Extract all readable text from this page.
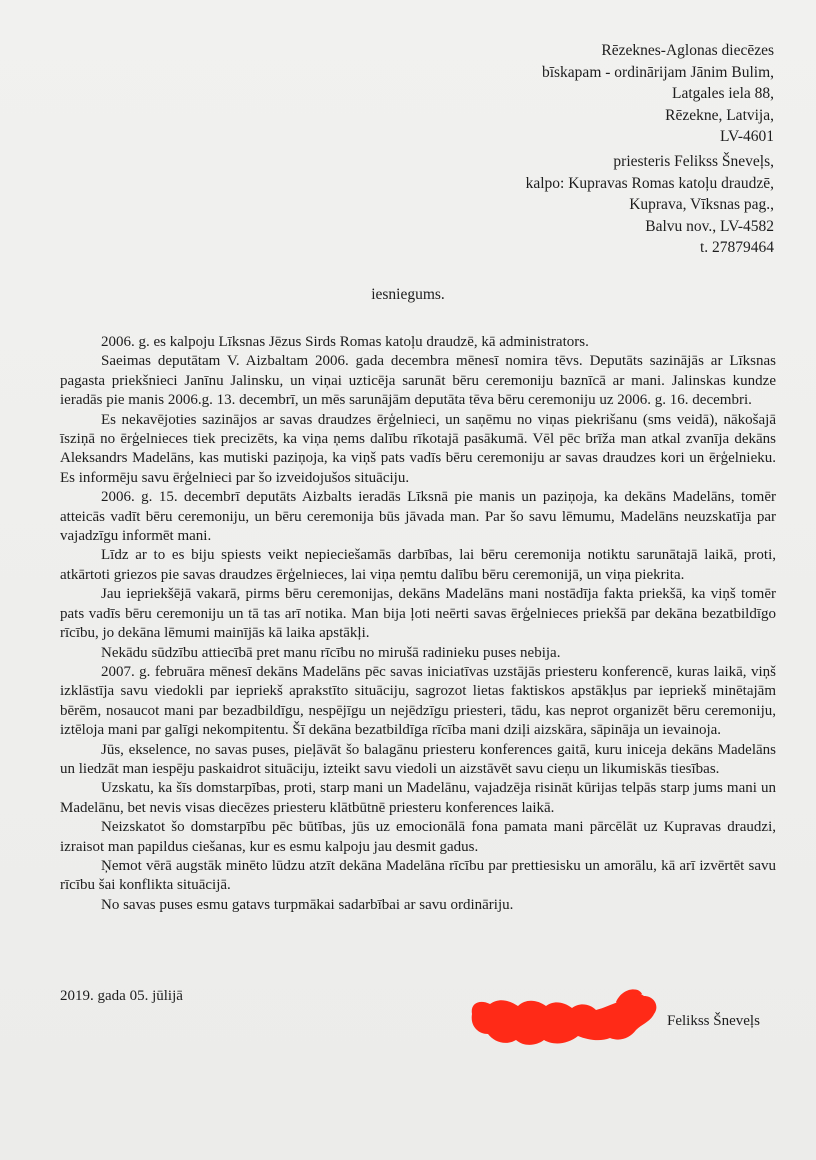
Rēzeknes-Aglonas diecēzes
bīskapam - ordinārijam Jānim Bulim,
Latgales iela 88,
Rēzekne, Latvija,
LV-4601
priesteris Felikss Šneveļs,
kalpo: Kupravas Romas katoļu draudzē,
Kuprava, Vīksnas pag.,
Balvu nov., LV-4582
t. 27879464
iesniegums.

2006. g. es kalpoju Līksnas Jēzus Sirds Romas katoļu draudzē, kā administrators.

Saeimas deputātam V. Aizbaltam 2006. gada decembra mēnesī nomira tēvs. Deputāts sazinājās ar Līksnas pagasta priekšnieci Janīnu Jalinsku, un viņai uzticēja sarunāt bēru ceremoniju baznīcā ar mani. Jalinskas kundze ieradās pie manis 2006.g. 13. decembrī, un mēs sarunājām deputāta tēva bēru ceremoniju uz 2006. g. 16. decembri.

Es nekavējoties sazinājos ar savas draudzes ērģelnieci, un saņēmu no viņas piekrišanu (sms veidā), nākošajā īsziņā no ērģelnieces tiek precizēts, ka viņa ņems dalību rīkotajā pasākumā. Vēl pēc brīža man atkal zvanīja dekāns Aleksandrs Madelāns, kas mutiski paziņoja, ka viņš pats vadīs bēru ceremoniju ar savas draudzes kori un ērģelnieku. Es informēju savu ērģelnieci par šo izveidojušos situāciju.

2006. g. 15. decembrī deputāts Aizbalts ieradās Līksnā pie manis un paziņoja, ka dekāns Madelāns, tomēr atteicās vadīt bēru ceremoniju, un bēru ceremonija būs jāvada man. Par šo savu lēmumu, Madelāns neuzskatīja par vajadzīgu informēt mani.

Līdz ar to es biju spiests veikt nepieciešamās darbības, lai bēru ceremonija notiktu sarunātajā laikā, proti, atkārtoti griezos pie savas draudzes ērģelnieces, lai viņa ņemtu dalību bēru ceremonijā, un viņa piekrita.

Jau iepriekšējā vakarā, pirms bēru ceremonijas, dekāns Madelāns mani nostādīja fakta priekšā, ka viņš tomēr pats vadīs bēru ceremoniju un tā tas arī notika. Man bija ļoti neērti savas ērģelnieces priekšā par dekāna bezatbildīgo rīcību, jo dekāna lēmumi mainījās kā laika apstākļi.

Nekādu sūdzību attiecībā pret manu rīcību no mirušā radinieku puses nebija.

2007. g. februāra mēnesī dekāns Madelāns pēc savas iniciatīvas uzstājās priesteru konferencē, kuras laikā, viņš izklāstīja savu viedokli par iepriekš aprakstīto situāciju, sagrozot lietas faktiskos apstākļus par iepriekš minētajām bērēm, nosaucot mani par bezadbildīgu, nespējīgu un nejēdzīgu priesteri, tādu, kas neprot organizēt bēru ceremoniju, iztēloja mani par galīgi nekompitentu. Šī dekāna bezatbildīga rīcība mani dziļi aizskāra, sāpināja un ievainoja.

Jūs, ekselence, no savas puses, pieļāvāt šo balagānu priesteru konferences gaitā, kuru iniceja dekāns Madelāns un liedzāt man iespēju paskaidrot situāciju, izteikt savu viedoli un aizstāvēt savu cieņu un likumiskās tiesības.

Uzskatu, ka šīs domstarpības, proti, starp mani un Madelānu, vajadzēja risināt kūrijas telpās starp jums mani un Madelānu, bet nevis visas diecēzes priesteru klātbūtnē priesteru konferences laikā.

Neizskatot šo domstarpību pēc būtības, jūs uz emocionālā fona pamata mani pārcēlāt uz Kupravas draudzi, izraisot man papildus ciešanas, kur es esmu kalpoju jau desmit gadus.

Ņemot vērā augstāk minēto lūdzu atzīt dekāna Madelāna rīcību par prettiesisku un amorālu, kā arī izvērtēt savu rīcību šai konflikta situācijā.

No savas puses esmu gatavs turpmākai sadarbībai ar savu ordināriju.

2019. gada 05. jūlijā
Felikss Šneveļs
